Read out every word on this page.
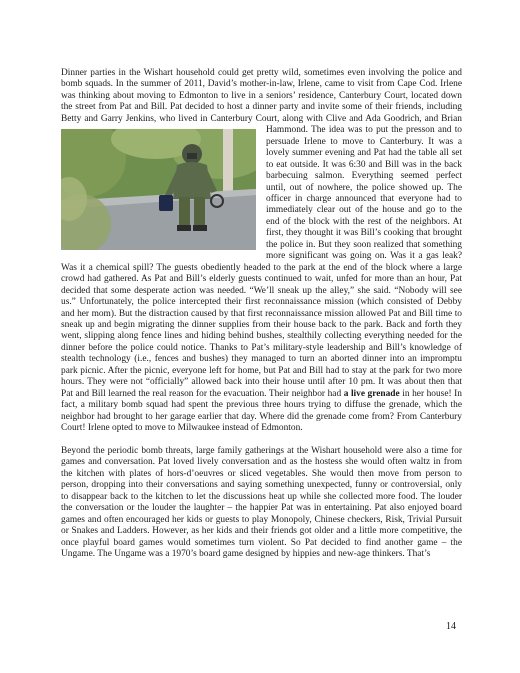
Dinner parties in the Wishart household could get pretty wild, sometimes even involving the police and bomb squads. In the summer of 2011, David’s mother-in-law, Irlene, came to visit from Cape Cod. Irlene was thinking about moving to Edmonton to live in a seniors’ residence, Canterbury Court, located down the street from Pat and Bill. Pat decided to host a dinner party and invite some of their friends, including Betty and Garry Jenkins, who lived in Canterbury Court, along with Clive and Ada Goodrich, and Brian Hammond. The idea was to put the press
on and to persuade Irlene to move to Canterbury. It was a lovely summer evening and Pat had the table all set to eat outside. It was 6:30 and Bill was in the back barbecuing salmon. Everything seemed perfect until, out of nowhere, the police showed up. The officer in charge announced that everyone had to immediately clear out of the house and go to the end of the block with the rest of the neighbors. At first, they thought it was Bill’s cooking that brought the police in. But they soon realized that something more significant was going on. Was it a gas leak? Was it a chemical spill? The guests obediently headed to the park at the end of the block where a large crowd had gathered. As Pat and Bill’s elderly guests continued to wait, unfed for more than an hour, Pat decided that some desperate action was needed. “We’ll sneak up the alley,” she said. “Nobody will see us.” Unfortunately, the police intercepted their first reconnaissance mission (which consisted of Debby and her mom). But the distraction caused by that first reconnaissance mission allowed Pat and Bill time to sneak up and begin migrating the dinner supplies from their house back to the park. Back and forth they went, slipping along fence lines and hiding behind bushes, stealthily collecting everything needed for the dinner before the police could notice. Thanks to Pat’s military-style leadership and Bill’s knowledge of stealth technology (i.e., fences and bushes) they managed to turn an aborted dinner into an impromptu park picnic. After the picnic, everyone left for home, but Pat and Bill had to stay at the park for two more hours. They were not “officially” allowed back into their house until after 10 pm. It was about then that Pat and Bill learned the real reason for the evacuation. Their neighbor had a live grenade in her house! In fact, a military bomb squad had spent the previous three hours trying to diffuse the grenade, which the neighbor had brought to her garage earlier that day. Where did the grenade come from? From Canterbury Court! Irlene opted to move to Milwaukee instead of Edmonton.

Beyond the periodic bomb threats, large family gatherings at the Wishart household were also a time for games and conversation. Pat loved lively conversation and as the hostess she would often waltz in from the kitchen with plates of hors-d’oeuvres or sliced vegetables. She would then move from person to person, dropping into their conversations and saying something unexpected, funny or controversial, only to disappear back to the kitchen to let the discussions heat up while she collected more food. The louder the conversation or the louder the laughter – the happier Pat was in entertaining. Pat also enjoyed board games and often encouraged her kids or guests to play Monopoly, Chinese checkers, Risk, Trivial Pursuit or Snakes and Ladders. However, as her kids and their friends got older and a little more competitive, the once playful board games would sometimes turn violent. So Pat decided to find another game – the Ungame. The Ungame was a 1970’s board game designed by hippies and new-age thinkers. That’s

14
